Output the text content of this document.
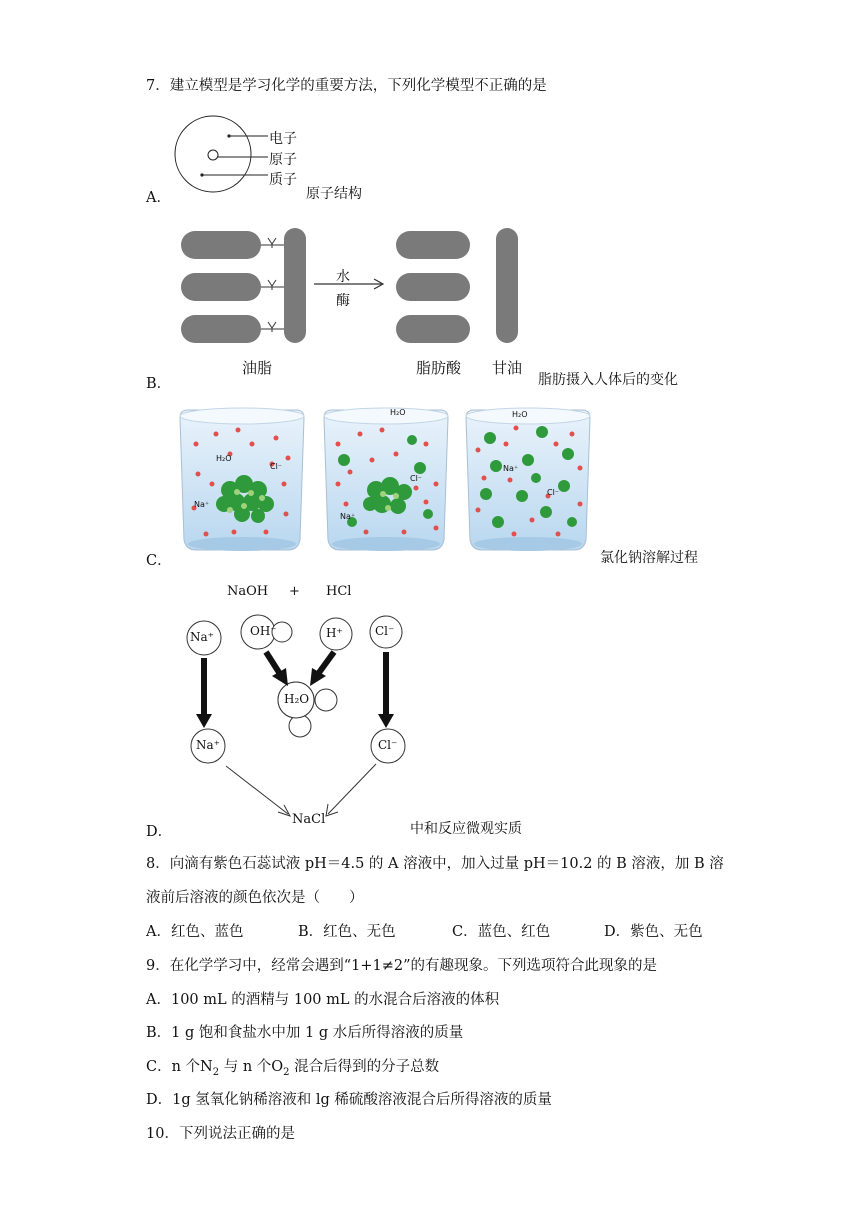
7．建立模型是学习化学的重要方法，下列化学模型不正确的是
电子
原子
质子
A．	原子结构
水
酶
油脂	脂肪酸 甘油
B．	脂肪摄入人体后的变化
H₂O
Cl⁻
Na⁺
H₂O
Cl⁻
Na⁺
H₂O
Na⁺
Cl⁻
C．	氯化钠溶解过程
NaOH + HCl
Na⁺	OH⁻	H⁺	Cl⁻
H₂O
Na⁺	Cl⁻
NaCl
D．	中和反应微观实质
8．向滴有紫色石蕊试液 pH＝4.5 的 A 溶液中，加入过量 pH＝10.2 的 B 溶液，加 B 溶
液前后溶液的颜色依次是（　　）
A．红色、蓝色	B．红色、无色	C．蓝色、红色	D．紫色、无色
9．在化学学习中，经常会遇到“1+1≠2”的有趣现象。下列选项符合此现象的是
A．100 mL 的酒精与 100 mL 的水混合后溶液的体积
B．1 g 饱和食盐水中加 1 g 水后所得溶液的质量
C．n 个$N_2$ 与 n 个$O_2$ 混合后得到的分子总数
D．1g 氢氧化钠稀溶液和 lg 稀硫酸溶液混合后所得溶液的质量
10．下列说法正确的是
